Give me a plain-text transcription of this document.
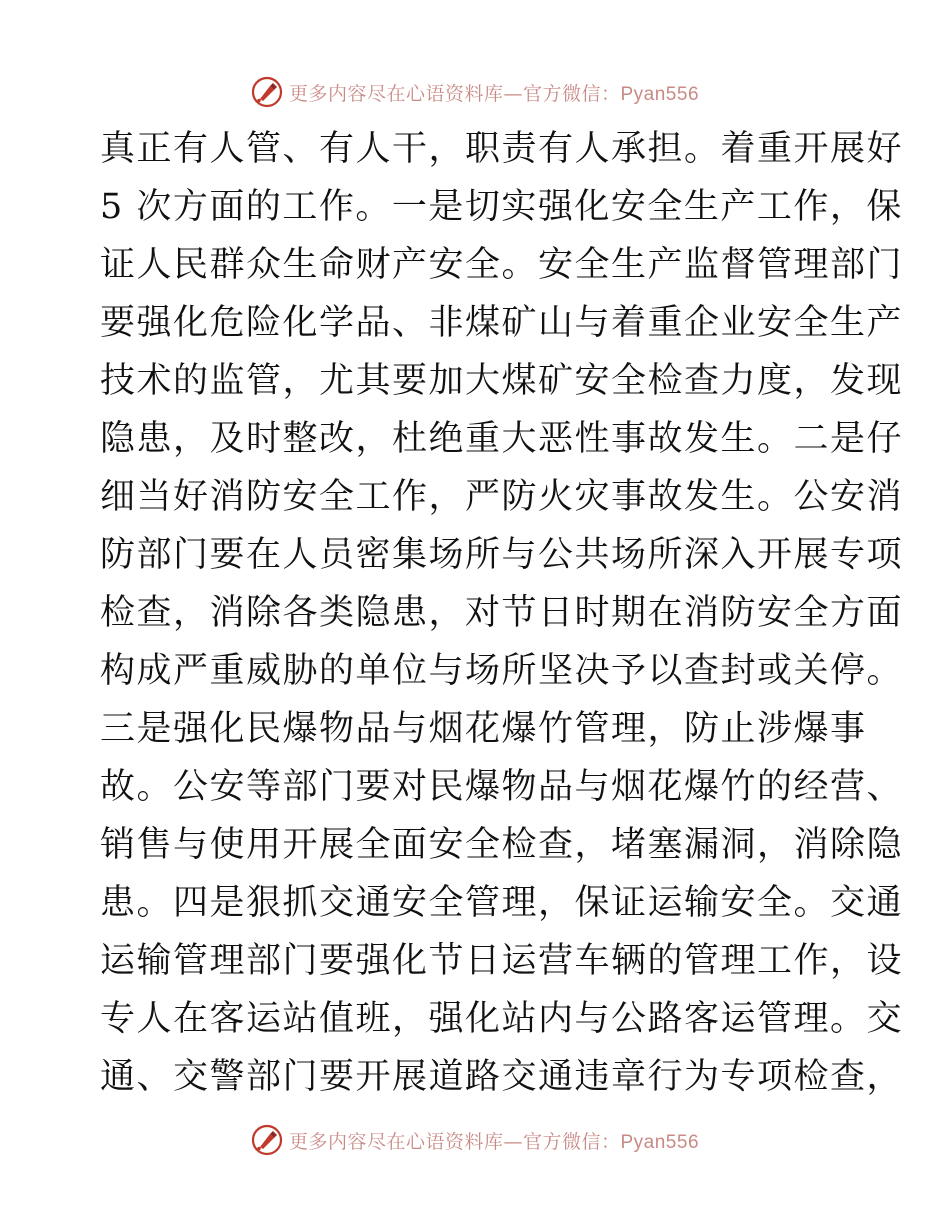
更多内容尽在心语资料库—官方微信：Pyan556
真正有人管、有人干，职责有人承担。着重开展好
5 次方面的工作。一是切实强化安全生产工作，保
证人民群众生命财产安全。安全生产监督管理部门
要强化危险化学品、非煤矿山与着重企业安全生产
技术的监管，尤其要加大煤矿安全检查力度，发现
隐患，及时整改，杜绝重大恶性事故发生。二是仔
细当好消防安全工作，严防火灾事故发生。公安消
防部门要在人员密集场所与公共场所深入开展专项
检查，消除各类隐患，对节日时期在消防安全方面
构成严重威胁的单位与场所坚决予以查封或关停。
三是强化民爆物品与烟花爆竹管理，防止涉爆事
故。公安等部门要对民爆物品与烟花爆竹的经营、
销售与使用开展全面安全检查，堵塞漏洞，消除隐
患。四是狠抓交通安全管理，保证运输安全。交通
运输管理部门要强化节日运营车辆的管理工作，设
专人在客运站值班，强化站内与公路客运管理。交
通、交警部门要开展道路交通违章行为专项检查，
更多内容尽在心语资料库—官方微信：Pyan556
